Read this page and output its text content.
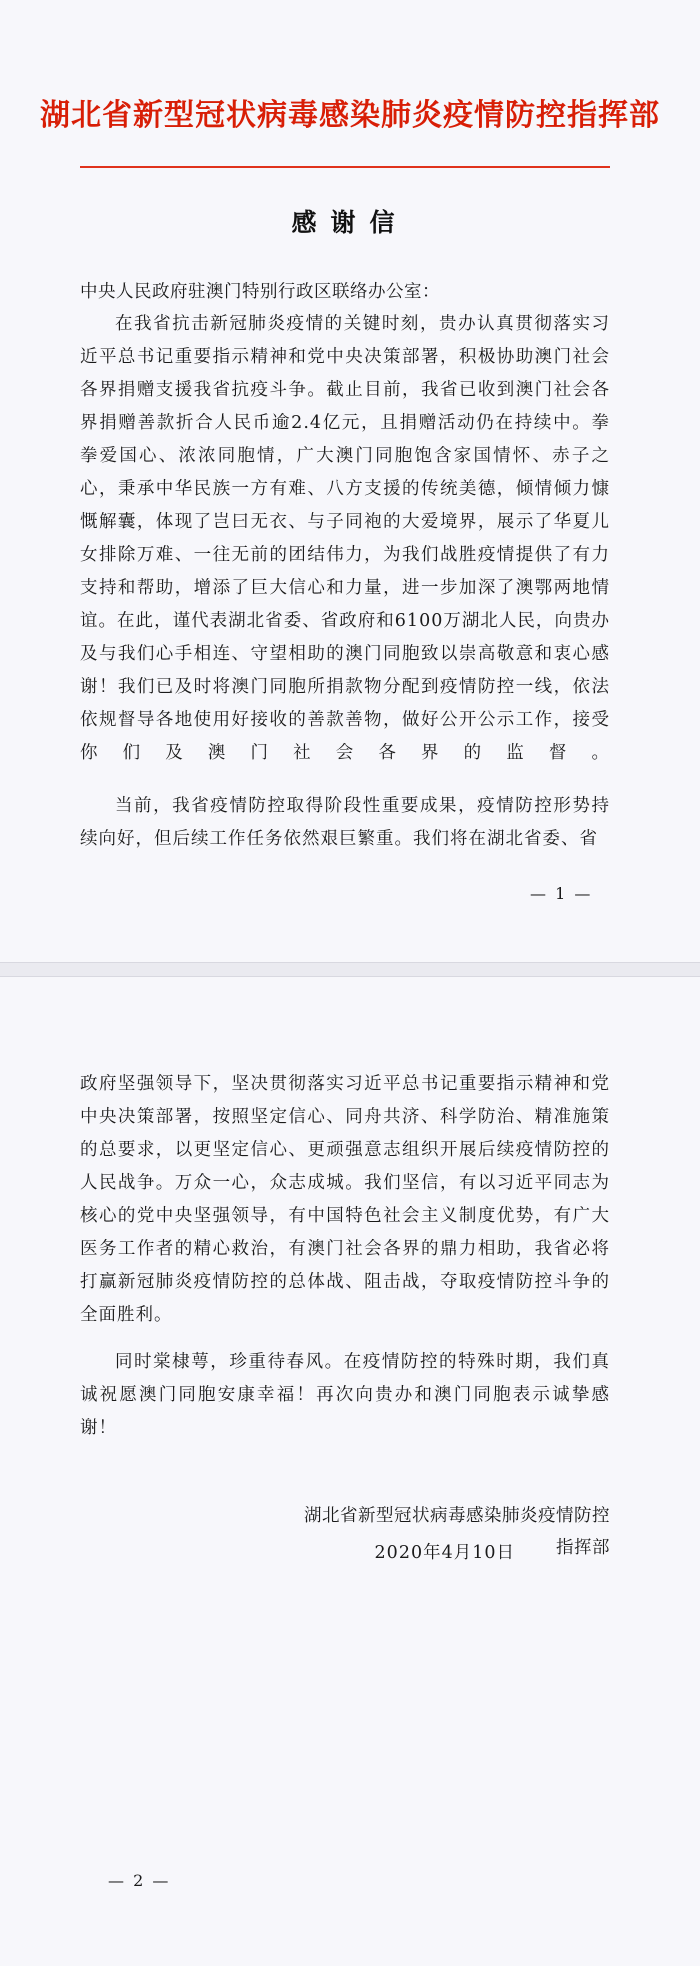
湖北省新型冠状病毒感染肺炎疫情防控指挥部
感谢信
中央人民政府驻澳门特别行政区联络办公室：

在我省抗击新冠肺炎疫情的关键时刻，贵办认真贯彻落实习近平总书记重要指示精神和党中央决策部署，积极协助澳门社会各界捐赠支援我省抗疫斗争。截止目前，我省已收到澳门社会各界捐赠善款折合人民币逾2.4亿元，且捐赠活动仍在持续中。拳拳爱国心、浓浓同胞情，广大澳门同胞饱含家国情怀、赤子之心，秉承中华民族一方有难、八方支援的传统美德，倾情倾力慷慨解囊，体现了岂曰无衣、与子同袍的大爱境界，展示了华夏儿女排除万难、一往无前的团结伟力，为我们战胜疫情提供了有力支持和帮助，增添了巨大信心和力量，进一步加深了澳鄂两地情谊。在此，谨代表湖北省委、省政府和6100万湖北人民，向贵办及与我们心手相连、守望相助的澳门同胞致以崇高敬意和衷心感谢！我们已及时将澳门同胞所捐款物分配到疫情防控一线，依法依规督导各地使用好接收的善款善物，做好公开公示工作，接受你们及澳门社会各界的监督。

当前，我省疫情防控取得阶段性重要成果，疫情防控形势持续向好，但后续工作任务依然艰巨繁重。我们将在湖北省委、省

— 1 —

政府坚强领导下，坚决贯彻落实习近平总书记重要指示精神和党中央决策部署，按照坚定信心、同舟共济、科学防治、精准施策的总要求，以更坚定信心、更顽强意志组织开展后续疫情防控的人民战争。万众一心，众志成城。我们坚信，有以习近平同志为核心的党中央坚强领导，有中国特色社会主义制度优势，有广大医务工作者的精心救治，有澳门社会各界的鼎力相助，我省必将打赢新冠肺炎疫情防控的总体战、阻击战，夺取疫情防控斗争的全面胜利。

同时棠棣萼，珍重待春风。在疫情防控的特殊时期，我们真诚祝愿澳门同胞安康幸福！再次向贵办和澳门同胞表示诚挚感谢！

湖北省新型冠状病毒感染肺炎疫情防控指挥部
2020年4月10日
— 2 —
